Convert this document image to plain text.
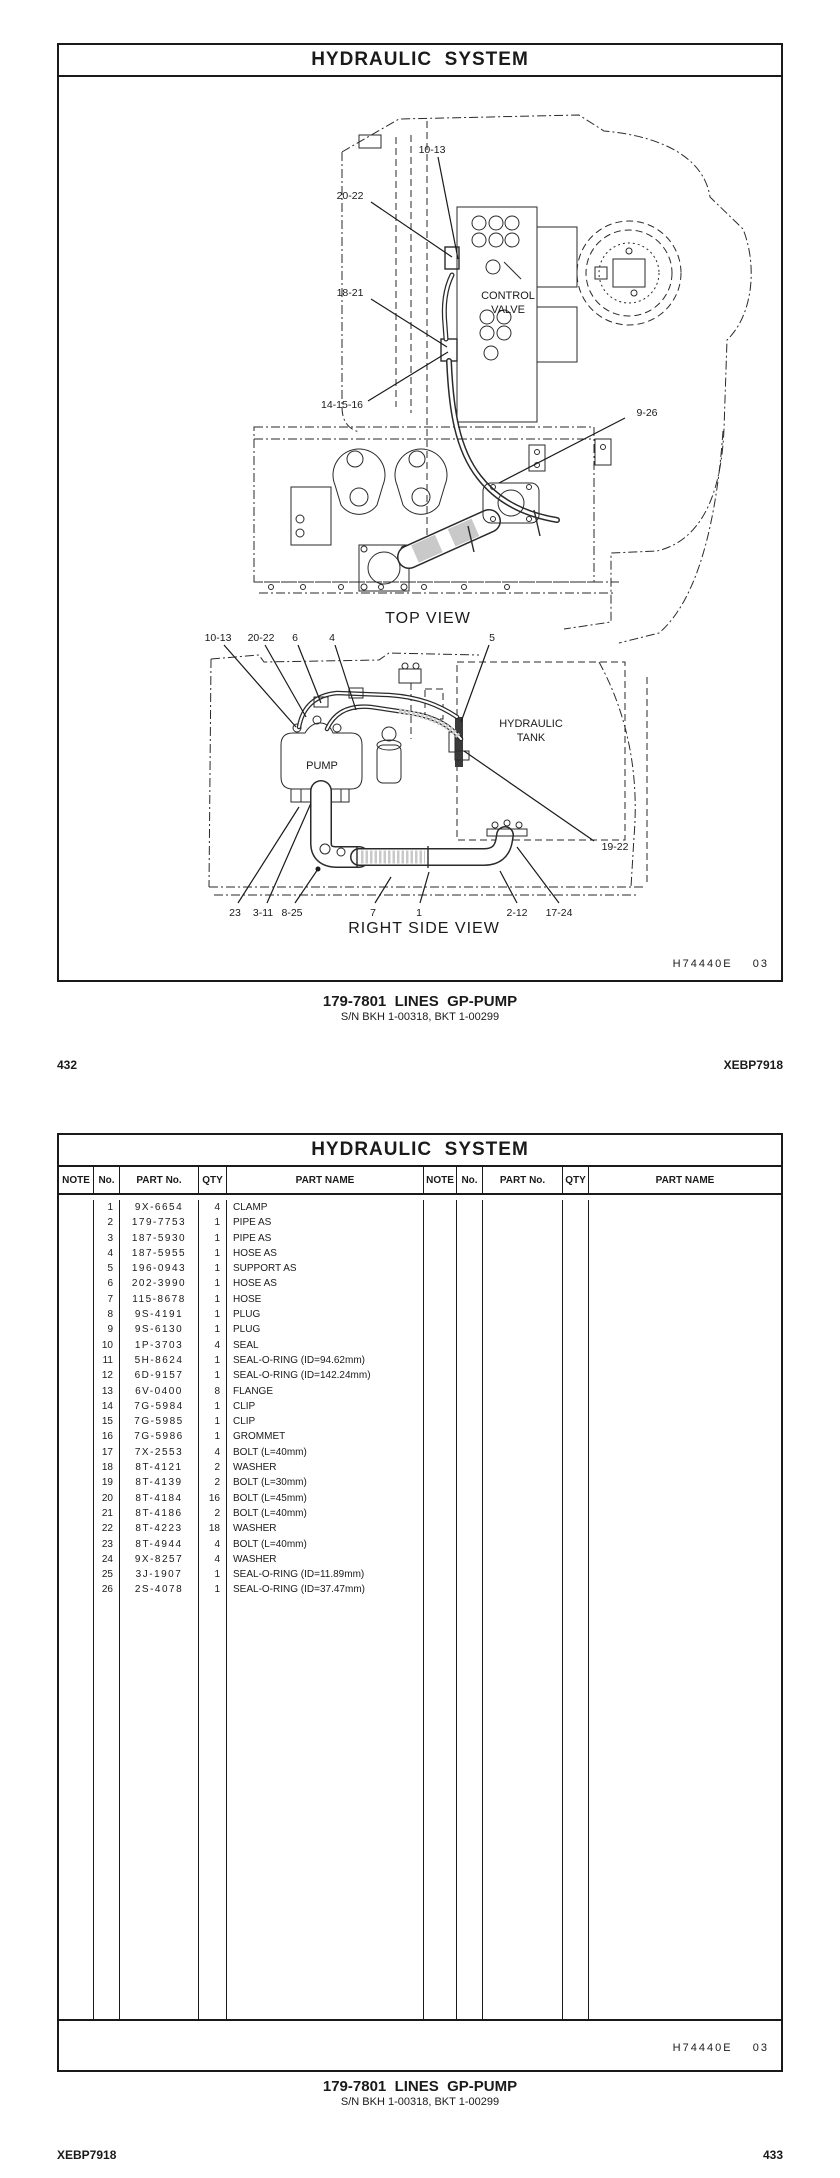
HYDRAULIC  SYSTEM
CONTROL
VALVE
10-13
20-22
18-21
14-15-16
9-26
TOP VIEW
HYDRAULIC
TANK
PUMP
10-13 20-22 6	4	5
19-22
23 3-11 8-25	7	1	2-12 17-24
RIGHT SIDE VIEW
H74440E    03
179-7801  LINES  GP-PUMP
S/N BKH 1-00318, BKT 1-00299
432	XEBP7918
HYDRAULIC  SYSTEM
NOTE No.	PART No.	QTY	PART NAME	NOTE No.	PART No.	QTY	PART NAME
1	9X-6654	4	CLAMP
2	179-7753	1	PIPE AS
3	187-5930	1	PIPE AS
4	187-5955	1	HOSE AS
5	196-0943	1	SUPPORT AS
6	202-3990	1	HOSE AS
7	115-8678	1	HOSE
8	9S-4191	1	PLUG
9	9S-6130	1	PLUG
10	1P-3703	4	SEAL
11	5H-8624	1	SEAL-O-RING (ID=94.62mm)
12	6D-9157	1	SEAL-O-RING (ID=142.24mm)
13	6V-0400	8	FLANGE
14	7G-5984	1	CLIP
15	7G-5985	1	CLIP
16	7G-5986	1	GROMMET
17	7X-2553	4	BOLT (L=40mm)
18	8T-4121	2	WASHER
19	8T-4139	2	BOLT (L=30mm)
20	8T-4184	16	BOLT (L=45mm)
21	8T-4186	2	BOLT (L=40mm)
22	8T-4223	18	WASHER
23	8T-4944	4	BOLT (L=40mm)
24	9X-8257	4	WASHER
25	3J-1907	1	SEAL-O-RING (ID=11.89mm)
26	2S-4078	1	SEAL-O-RING (ID=37.47mm)
H74440E    03
179-7801  LINES  GP-PUMP
S/N BKH 1-00318, BKT 1-00299
XEBP7918	433
